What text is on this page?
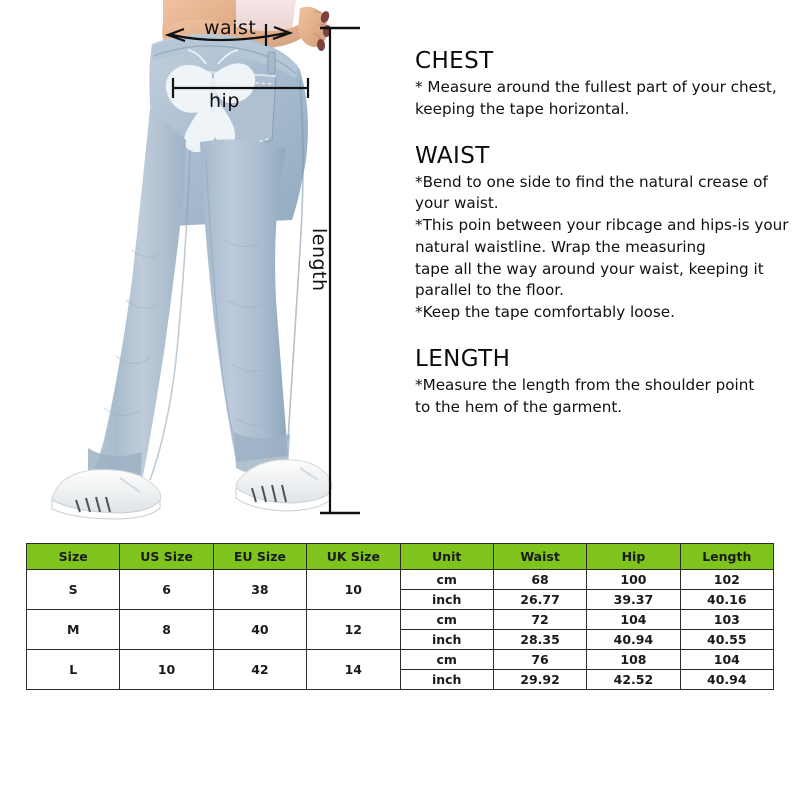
waist
hip
length
CHEST

* Measure around the fullest part of your chest,

keeping the tape horizontal.

WAIST

*Bend to one side to find the natural crease of

your waist.

*This poin between your ribcage and hips-is your

natural waistline. Wrap the measuring

tape all the way around your waist, keeping it

parallel to the floor.

*Keep the tape comfortably loose.

LENGTH

*Measure the length from the shoulder point

to the hem of the garment.

Size	US Size	EU Size	UK Size	Unit	Waist	Hip	Length
S	6	38	10	cm	68	100	102
				inch	26.77	39.37	40.16
M	8	40	12	cm	72	104	103
				inch	28.35	40.94	40.55
L	10	42	14	cm	76	108	104
				inch	29.92	42.52	40.94
